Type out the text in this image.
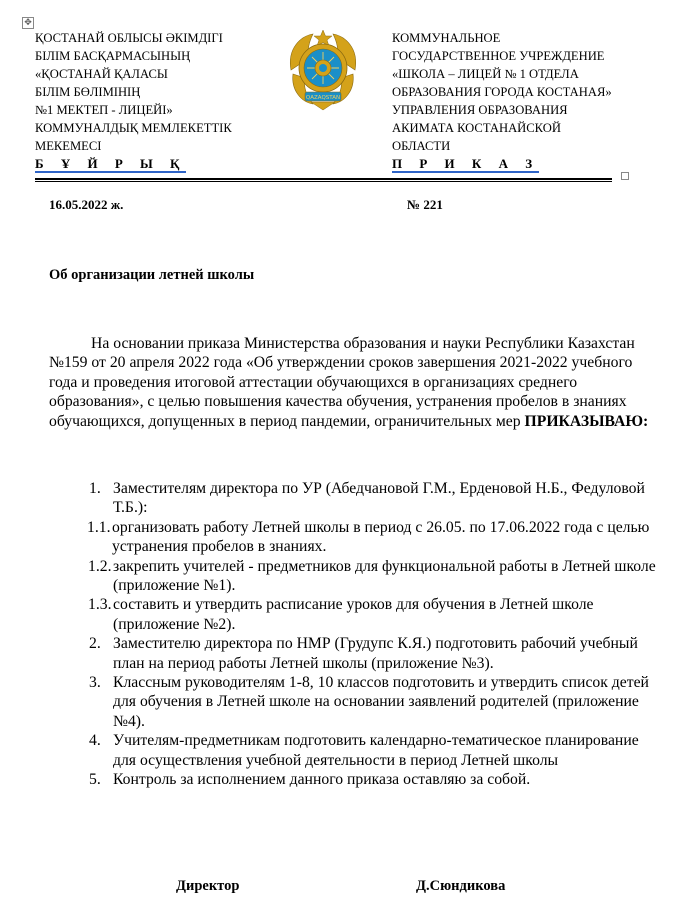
✥
ҚОСТАНАЙ ОБЛЫСЫ ӘКІМДІГІ
БІЛІМ БАСҚАРМАСЫНЫҢ
«ҚОСТАНАЙ ҚАЛАСЫ
БІЛІМ БӨЛІМІНІҢ
№1 МЕКТЕП - ЛИЦЕЙІ»
КОММУНАЛДЫҚ МЕМЛЕКЕТТІК
МЕКЕМЕСІ
Б Ұ Й Р Ы Қ
QAZAQSTAN
КОММУНАЛЬНОЕ
ГОСУДАРСТВЕННОЕ УЧРЕЖДЕНИЕ
«ШКОЛА – ЛИЦЕЙ № 1 ОТДЕЛА
ОБРАЗОВАНИЯ ГОРОДА КОСТАНАЯ»
УПРАВЛЕНИЯ ОБРАЗОВАНИЯ
АКИМАТА КОСТАНАЙСКОЙ
ОБЛАСТИ
П Р И К А З
16.05.2022 ж.	№ 221
Об организации летней школы
На основании приказа Министерства образования и науки Республики Казахстан №159 от 20 апреля 2022 года «Об утверждении сроков завершения 2021-2022 учебного года и проведения итоговой аттестации обучающихся в организациях среднего образования», с целью повышения качества обучения, устранения пробелов в знаниях обучающихся, допущенных в период пандемии, ограничительных мер ПРИКАЗЫВАЮ:
1. Заместителям директора по УР (Абедчановой Г.М., Ерденовой Н.Б., Федуловой Т.Б.):
1.1. организовать работу Летней школы в период с 26.05. по 17.06.2022 года с целью устранения пробелов в знаниях.
1.2. закрепить учителей - предметников для функциональной работы в Летней школе (приложение №1).
1.3. составить и утвердить расписание уроков для обучения в Летней школе (приложение №2).
2. Заместителю директора по НМР (Грудупс К.Я.) подготовить рабочий учебный план на период работы Летней школы (приложение №3).
3. Классным руководителям 1-8, 10 классов подготовить и утвердить список детей для обучения в Летней школе на основании заявлений родителей (приложение №4).
4. Учителям-предметникам подготовить календарно-тематическое планирование для осуществления учебной деятельности в период Летней школы
5. Контроль за исполнением данного приказа оставляю за собой.
Директор	Д.Сюндикова
